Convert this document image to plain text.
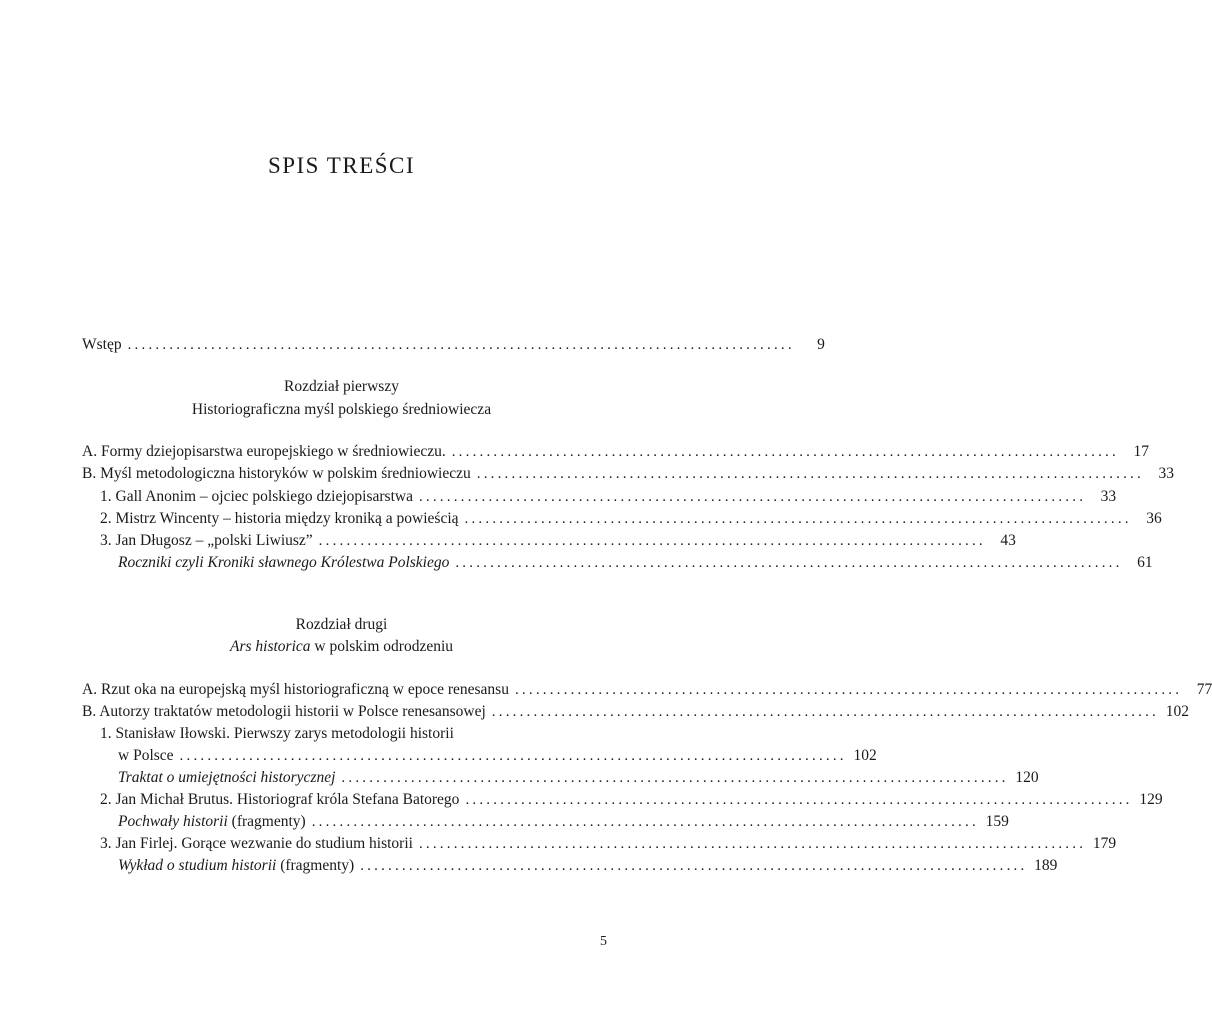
SPIS TREŚCI
Wstęp ................................................................................................	9
Rozdział pierwszy
Historiograficzna myśl polskiego średniowiecza
A. Formy dziejopisarstwa europejskiego w średniowieczu. ................................................................................................ 17
B. Myśl metodologiczna historyków w polskim średniowieczu ................................................................................................ 33
1. Gall Anonim – ojciec polskiego dziejopisarstwa ................................................................................................ 33
2. Mistrz Wincenty – historia między kroniką a powieścią ................................................................................................ 36
3. Jan Długosz – „polski Liwiusz” ................................................................................................ 43
Roczniki czyli Kroniki sławnego Królestwa Polskiego ................................................................................................ 61
Rozdział drugi
Ars historica w polskim odrodzeniu
A. Rzut oka na europejską myśl historiograficzną w epoce renesansu ................................................................................................ 77
B. Autorzy traktatów metodologii historii w Polsce renesansowej ................................................................................................ 102
1. Stanisław Iłowski. Pierwszy zarys metodologii historii
w Polsce ................................................................................................ 102
Traktat o umiejętności historycznej ................................................................................................ 120
2. Jan Michał Brutus. Historiograf króla Stefana Batorego ................................................................................................ 129
Pochwały historii (fragmenty) ................................................................................................ 159
3. Jan Firlej. Gorące wezwanie do studium historii ................................................................................................ 179
Wykład o studium historii (fragmenty) ................................................................................................ 189
5
